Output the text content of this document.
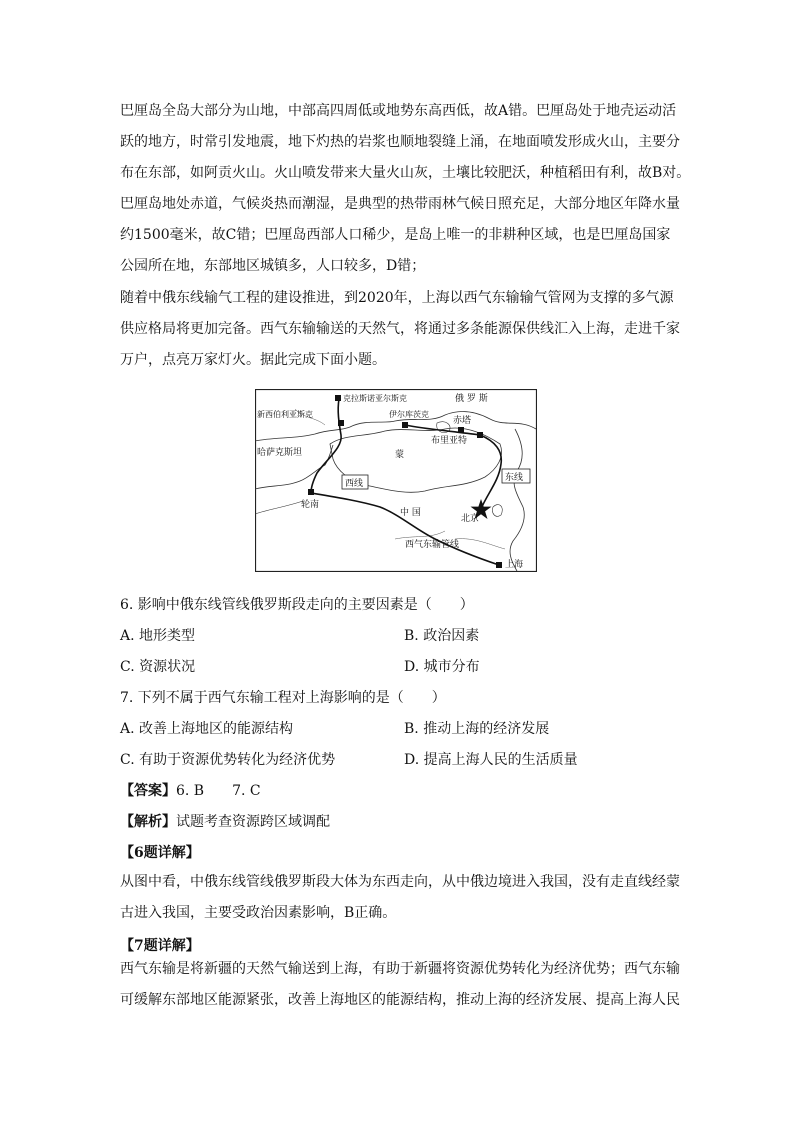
巴厘岛全岛大部分为山地，中部高四周低或地势东高西低，故A错。巴厘岛处于地壳运动活
跃的地方，时常引发地震，地下灼热的岩浆也顺地裂缝上涌，在地面喷发形成火山，主要分
布在东部，如阿贡火山。火山喷发带来大量火山灰，土壤比较肥沃，种植稻田有利，故B对。
巴厘岛地处赤道，气候炎热而潮湿，是典型的热带雨林气候日照充足，大部分地区年降水量
约1500毫米，故C错；巴厘岛西部人口稀少，是岛上唯一的非耕种区域，也是巴厘岛国家
公园所在地，东部地区城镇多，人口较多，D错；

随着中俄东线输气工程的建设推进，到2020年，上海以西气东输输气管网为支撑的多气源
供应格局将更加完备。西气东输输送的天然气，将通过多条能源保供线汇入上海，走进千家
万户，点亮万家灯火。据此完成下面小题。

克拉斯诺亚尔斯克
新西伯利亚斯克	伊尔库茨克
俄 罗 斯
赤塔
布里亚特
哈萨克斯坦	蒙
西线
东线
轮南
中 国
北京
西气东输管线
上海
6. 影响中俄东线管线俄罗斯段走向的主要因素是（　　）
A. 地形类型	B. 政治因素
C. 资源状况	D. 城市分布
7. 下列不属于西气东输工程对上海影响的是（　　）
A. 改善上海地区的能源结构	B. 推动上海的经济发展
C. 有助于资源优势转化为经济优势	D. 提高上海人民的生活质量
【答案】6. B　　7. C
【解析】试题考查资源跨区域调配
【6题详解】

从图中看，中俄东线管线俄罗斯段大体为东西走向，从中俄边境进入我国，没有走直线经蒙
古进入我国，主要受政治因素影响，B正确。

【7题详解】

西气东输是将新疆的天然气输送到上海，有助于新疆将资源优势转化为经济优势；西气东输
可缓解东部地区能源紧张，改善上海地区的能源结构，推动上海的经济发展、提高上海人民
